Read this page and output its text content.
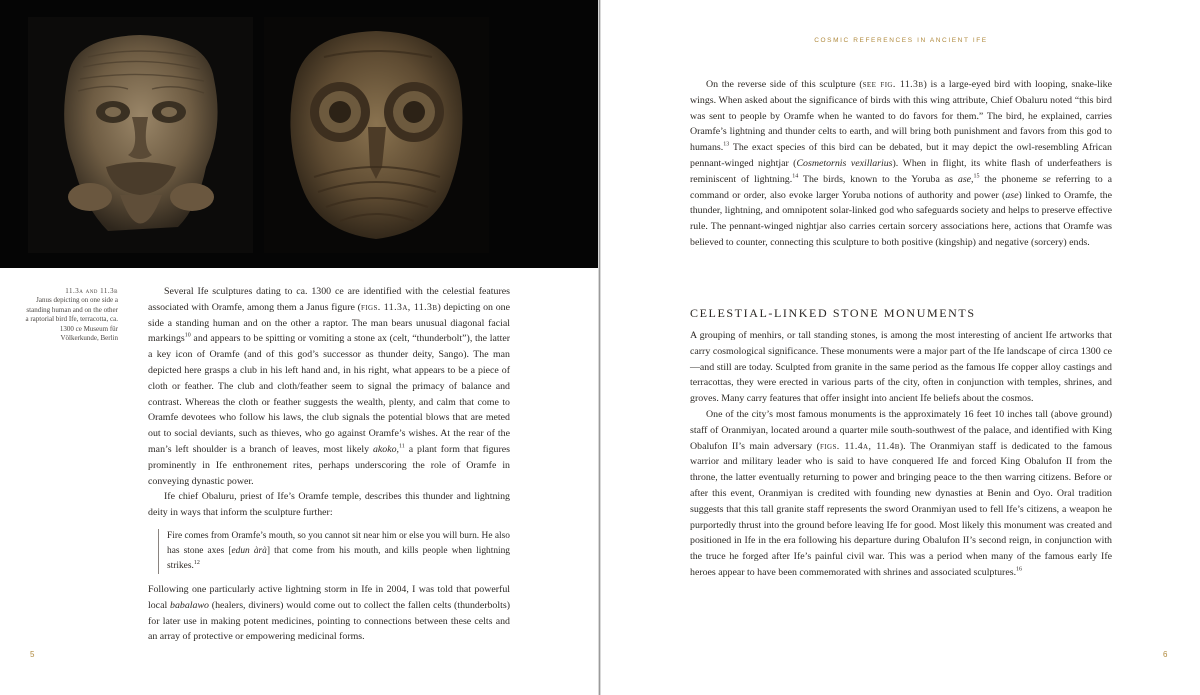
11.3a and 11.3b
Janus depicting on one side a standing human and on the other a raptorial bird Ife, terracotta, ca. 1300 ce Museum für Völkerkunde, Berlin

Several Ife sculptures dating to ca. 1300 ce are identified with the celestial features associated with Oramfe, among them a Janus figure (figs. 11.3a, 11.3b) depicting on one side a standing human and on the other a raptor. The man bears unusual diagonal facial markings$^{10}$ and appears to be spitting or vomiting a stone ax (celt, “thunderbolt”), the latter a key icon of Oramfe (and of this god’s successor as thunder deity, Sango). The man depicted here grasps a club in his left hand and, in his right, what appears to be a piece of cloth or feather. The club and cloth/feather seem to signal the primacy of balance and contrast. Whereas the cloth or feather suggests the wealth, plenty, and calm that come to Oramfe devotees who follow his laws, the club signals the potential blows that are meted out to social deviants, such as thieves, who go against Oramfe’s wishes. At the rear of the man’s left shoulder is a branch of leaves, most likely akoko,$^{11}$ a plant form that figures prominently in Ife enthronement rites, perhaps underscoring the role of Oramfe in conveying dynastic power.

Ife chief Obaluru, priest of Ife’s Oramfe temple, describes this thunder and lightning deity in ways that inform the sculpture further:

Fire comes from Oramfe’s mouth, so you cannot sit near him or else you will burn. He also has stone axes [edun àrà] that come from his mouth, and kills people when lightning strikes.$^{12}$

Following one particularly active lightning storm in Ife in 2004, I was told that powerful local babalawo (healers, diviners) would come out to collect the fallen celts (thunderbolts) for later use in making potent medicines, pointing to connections between these celts and an array of protective or empowering medicinal forms.

5
COSMIC REFERENCES IN ANCIENT IFE

On the reverse side of this sculpture (see fig. 11.3b) is a large-eyed bird with looping, snake-like wings. When asked about the significance of birds with this wing attribute, Chief Obaluru noted “this bird was sent to people by Oramfe when he wanted to do favors for them.” The bird, he explained, carries Oramfe’s lightning and thunder celts to earth, and will bring both punishment and favors from this god to humans.$^{13}$ The exact species of this bird can be debated, but it may depict the owl-resembling African pennant-winged nightjar (Cosmetornis vexillarius). When in flight, its white flash of underfeathers is reminiscent of lightning.$^{14}$ The birds, known to the Yoruba as ase,$^{15}$ the phoneme se referring to a command or order, also evoke larger Yoruba notions of authority and power (ase) linked to Oramfe, the thunder, lightning, and omnipotent solar-linked god who safeguards society and helps to preserve effective rule. The pennant-winged nightjar also carries certain sorcery associations here, actions that Oramfe was believed to counter, connecting this sculpture to both positive (kingship) and negative (sorcery) ends.

CELESTIAL-LINKED STONE MONUMENTS

A grouping of menhirs, or tall standing stones, is among the most interesting of ancient Ife artworks that carry cosmological significance. These monuments were a major part of the Ife landscape of circa 1300 ce—and still are today. Sculpted from granite in the same period as the famous Ife copper alloy castings and terracottas, they were erected in various parts of the city, often in conjunction with temples, shrines, and groves. Many carry features that offer insight into ancient Ife beliefs about the cosmos.

One of the city’s most famous monuments is the approximately 16 feet 10 inches tall (above ground) staff of Oranmiyan, located around a quarter mile south-southwest of the palace, and identified with King Obalufon II’s main adversary (figs. 11.4a, 11.4b). The Oranmiyan staff is dedicated to the famous warrior and military leader who is said to have conquered Ife and forced King Obalufon II from the throne, the latter eventually returning to power and bringing peace to the then warring citizens. Before or after this event, Oranmiyan is credited with founding new dynasties at Benin and Oyo. Oral tradition suggests that this tall granite staff represents the sword Oranmiyan used to fell Ife’s citizens, a weapon he purportedly thrust into the ground before leaving Ife for good. Most likely this monument was created and positioned in Ife in the era following his departure during Obalufon II’s second reign, in conjunction with the truce he forged after Ife’s painful civil war. This was a period when many of the famous early Ife heroes appear to have been commemorated with shrines and associated sculptures.$^{16}$

6
